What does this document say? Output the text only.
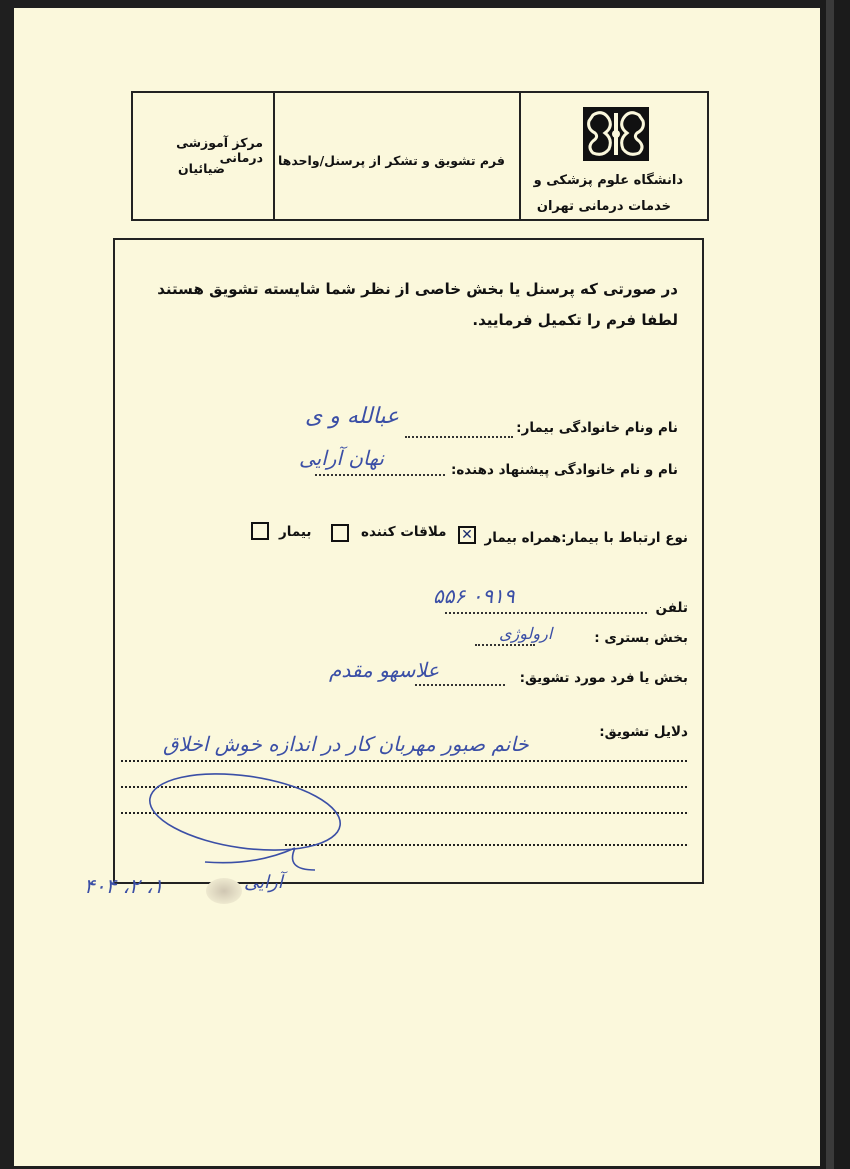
مرکز آموزشی درمانی
ضیائیان
فرم تشویق و تشکر از پرسنل/واحدها
دانشگاه علوم پزشکی و
خدمات درمانی تهران
در صورتی که پرسنل یا بخش خاصی از نظر شما شایسته تشویق هستند لطفا فرم را تکمیل فرمایید.
نام ونام خانوادگی بیمار:
ﻋﺒﺎﻟﻠﻪ ﻭ ی
نام و نام خانوادگی پیشنهاد دهنده:
ﻧﻬﺎﻥ آﺭﺍیی
نوع ارتباط با بیمار:همراه بیمار
✕
ملاقات کننده
بیمار
تلفن
۰۹۱۹ ۵۵۶
بخش بستری :
ﺍﺭﻭﻟﻮﮊی
بخش یا فرد مورد تشویق:
ﻋﻠﺎﺳﻬﻮ ﻣﻘﺪﻡ
دلایل تشویق:
ﺧﺎﻧﻢ ﺻﺒﻮﺭ ﻣﻬﺮﺑﺎﻥ ﮐﺎﺭ ﺩﺭ ﺍﻧﺪﺍﺯﻩ ﺧﻮﺵ ﺍﺧﻼﻕ
۴۰۴ ،۲ ،۱	آﺭﺍیی
